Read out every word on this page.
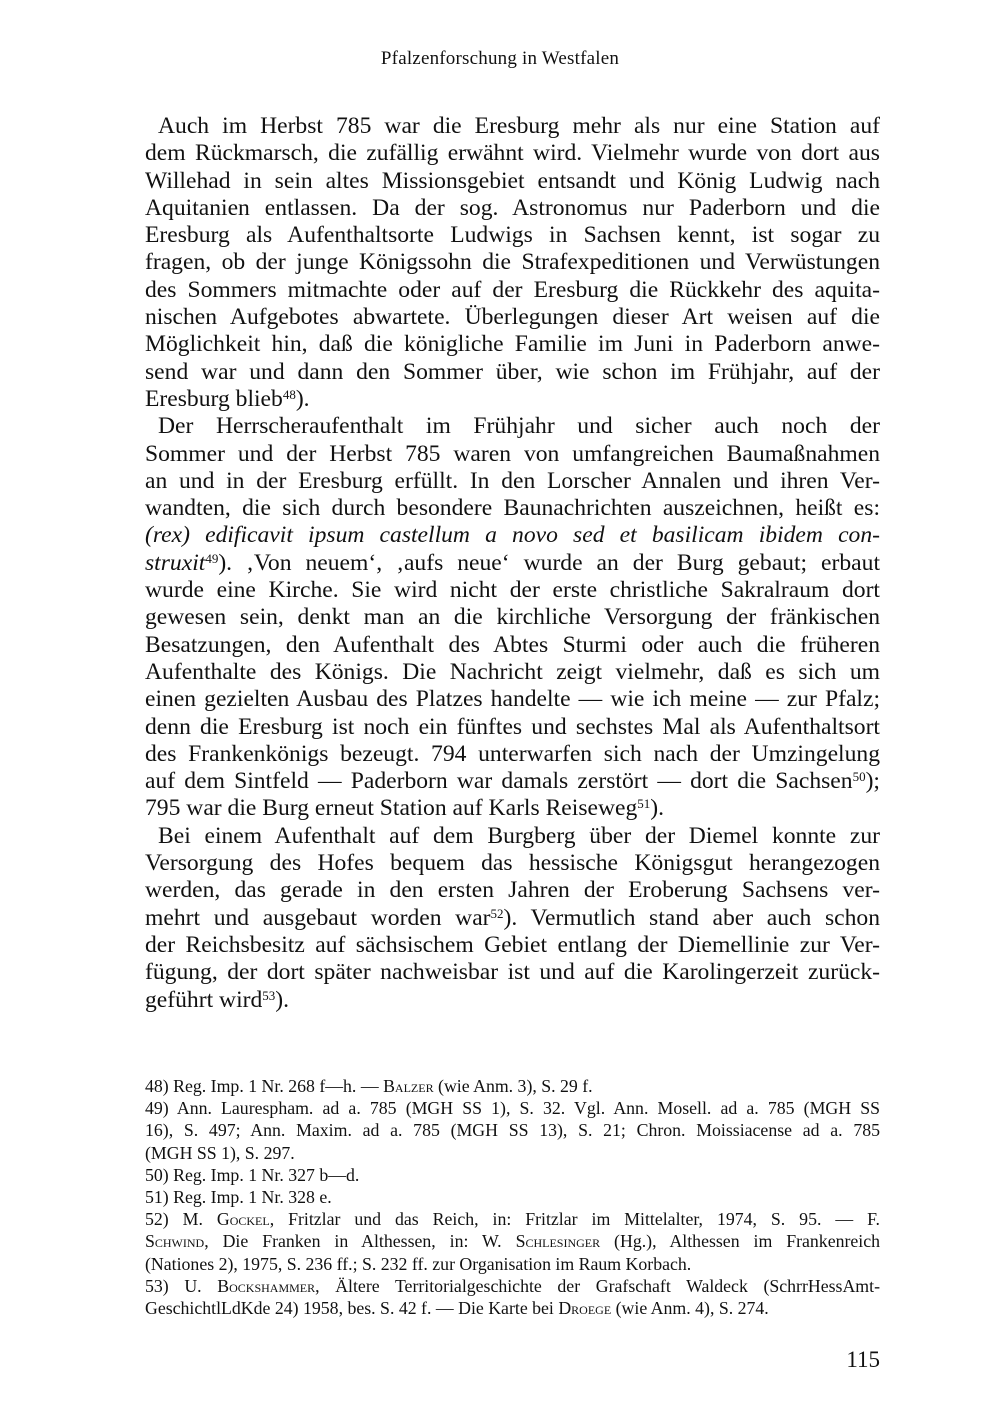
Pfalzenforschung in Westfalen
Auch im Herbst 785 war die Eresburg mehr als nur eine Station auf
dem Rückmarsch, die zufällig erwähnt wird. Vielmehr wurde von dort aus
Willehad in sein altes Missionsgebiet entsandt und König Ludwig nach
Aquitanien entlassen. Da der sog. Astronomus nur Paderborn und die
Eresburg als Aufenthaltsorte Ludwigs in Sachsen kennt, ist sogar zu
fragen, ob der junge Königssohn die Strafexpeditionen und Verwüstungen
des Sommers mitmachte oder auf der Eresburg die Rückkehr des aquita-
nischen Aufgebotes abwartete. Überlegungen dieser Art weisen auf die
Möglichkeit hin, daß die königliche Familie im Juni in Paderborn anwe-
send war und dann den Sommer über, wie schon im Frühjahr, auf der
Eresburg blieb$^{48}$).
Der Herrscheraufenthalt im Frühjahr und sicher auch noch der
Sommer und der Herbst 785 waren von umfangreichen Baumaßnahmen
an und in der Eresburg erfüllt. In den Lorscher Annalen und ihren Ver-
wandten, die sich durch besondere Baunachrichten auszeichnen, heißt es:
(rex) edificavit ipsum castellum a novo sed et basilicam ibidem con-
struxit$^{49}$). ‚Von neuem‘, ‚aufs neue‘ wurde an der Burg gebaut; erbaut
wurde eine Kirche. Sie wird nicht der erste christliche Sakralraum dort
gewesen sein, denkt man an die kirchliche Versorgung der fränkischen
Besatzungen, den Aufenthalt des Abtes Sturmi oder auch die früheren
Aufenthalte des Königs. Die Nachricht zeigt vielmehr, daß es sich um
einen gezielten Ausbau des Platzes handelte — wie ich meine — zur Pfalz;
denn die Eresburg ist noch ein fünftes und sechstes Mal als Aufenthaltsort
des Frankenkönigs bezeugt. 794 unterwarfen sich nach der Umzingelung
auf dem Sintfeld — Paderborn war damals zerstört — dort die Sachsen$^{50}$);
795 war die Burg erneut Station auf Karls Reiseweg$^{51}$).
Bei einem Aufenthalt auf dem Burgberg über der Diemel konnte zur
Versorgung des Hofes bequem das hessische Königsgut herangezogen
werden, das gerade in den ersten Jahren der Eroberung Sachsens ver-
mehrt und ausgebaut worden war$^{52}$). Vermutlich stand aber auch schon
der Reichsbesitz auf sächsischem Gebiet entlang der Diemellinie zur Ver-
fügung, der dort später nachweisbar ist und auf die Karolingerzeit zurück-
geführt wird$^{53}$).
48) Reg. Imp. 1 Nr. 268 f—h. — Balzer (wie Anm. 3), S. 29 f.
49) Ann. Laurespham. ad a. 785 (MGH SS 1), S. 32. Vgl. Ann. Mosell. ad a. 785 (MGH SS
16), S. 497; Ann. Maxim. ad a. 785 (MGH SS 13), S. 21; Chron. Moissiacense ad a. 785
(MGH SS 1), S. 297.
50) Reg. Imp. 1 Nr. 327 b—d.
51) Reg. Imp. 1 Nr. 328 e.
52) M. Gockel, Fritzlar und das Reich, in: Fritzlar im Mittelalter, 1974, S. 95. — F.
Schwind, Die Franken in Althessen, in: W. Schlesinger (Hg.), Althessen im Frankenreich
(Nationes 2), 1975, S. 236 ff.; S. 232 ff. zur Organisation im Raum Korbach.
53) U. Bockshammer, Ältere Territorialgeschichte der Grafschaft Waldeck (SchrrHessAmt-
GeschichtlLdKde 24) 1958, bes. S. 42 f. — Die Karte bei Droege (wie Anm. 4), S. 274.
115
